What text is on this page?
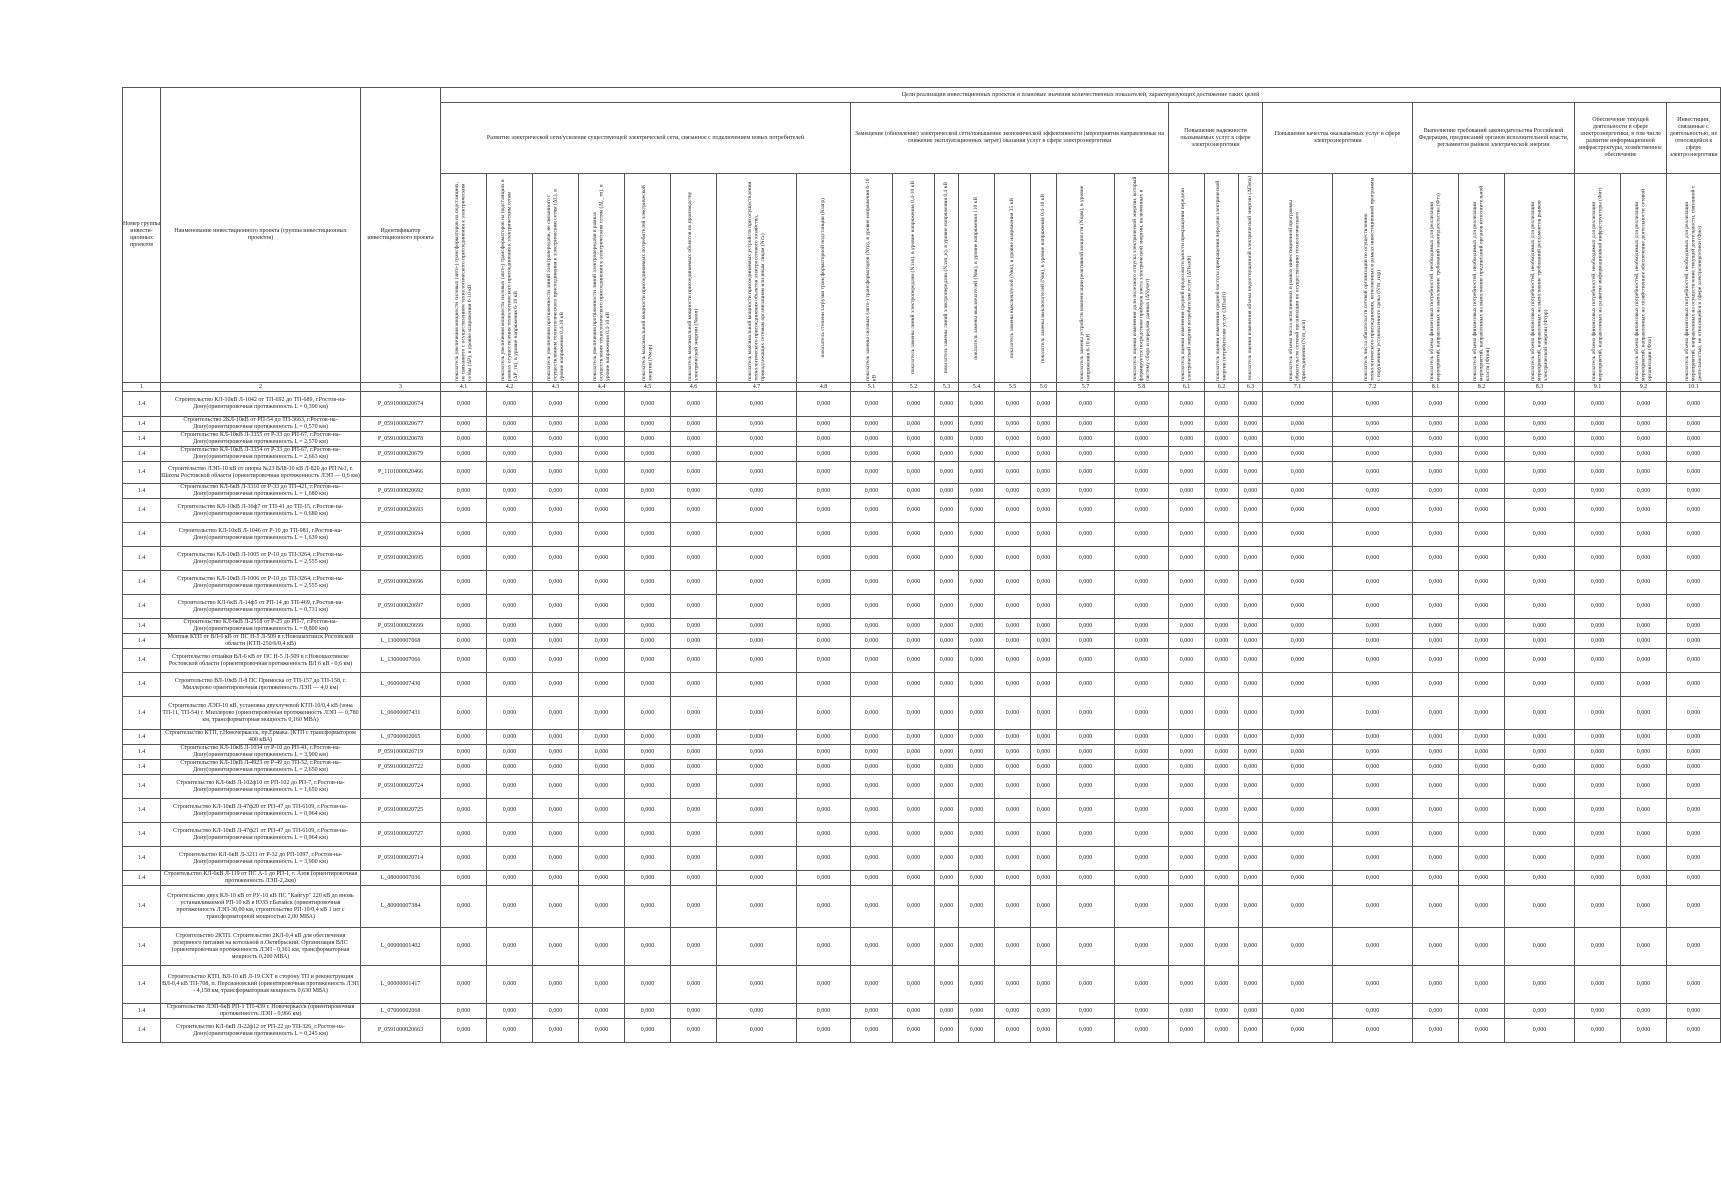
Номер группы инвести-ционных проектов	Наименование инвестиционного проекта (группы инвестиционных проектов)	Идентификатор инвестиционного проекта	Цели реализации инвестиционных проектов и плановые значения количественных показателей, характеризующих достижение таких целей																										
			Развитие электрической сети/усиление существующей электрической сети, связанное с подключением новых потребителей								Замещение (обновление) электрической сети/повышение экономической эффективности (мероприятия направленные на снижение эксплуатационных затрат) оказания услуг в сфере электроэнергетики								Повышение надежности оказываемых услуг в сфере электроэнергетики			Повышение качества оказываемых услуг в сфере электроэнергетики		Выполнение требований законодательства Российской Федерации, предписаний органов исполнительной власти, регламентов рынков электрической энергии			Обеспечение текущей деятельности в сфере электроэнергетики, в том числе развитие информационной инфраструктуры, хозяйственное обеспечение		Инвестиции, связанные с деятельностью, не относящейся к сфере электроэнергетики

			показатель увеличения мощности силовых (авто-) трансформаторов на подстанциях, не связанного с осуществлением технологического присоединения к электрическим сетям (ΔP), в уровне напряжения 6-10 кВ	показатель увеличения мощности силовых (авто-) трансформаторов на подстанциях в рамках осуществления технологического присоединения к электрическим сетям (ΔP_тп), в уровне напряжения 6-10 кВ	показатель увеличения протяженности линий электропередачи, не связанного с осуществлением технологического присоединения к электрическим сетям (ΔL), в уровне напряжения 0,4-10 кВ	показатель увеличения протяженности линий электропередачи в рамках осуществления технологического присоединения к электрическим сетям (ΔL_тп), в уровне напряжения 0,4-10 кВ	показатель максимальной мощности присоединяемых потребителей электрической энергии (Nмэр)	показатель максимальной мощности присоединяемых объектов по производству электрической энергии (Nмоп)	показатель максимальной мощности присоединяемых устройств при осуществлении технологического присоединения объектов электросетевого хозяйства, принадлежащих сетевым организациям или иным лицам (Nсх)	показатель степени загрузки трансформаторной подстанции (Кзагр)	показатель замены силовых (авто-) трансформаторов (Nтр), в уровне напряжения 6-10 кВ	показатель замены линий электропередачи (Nлэп), в уровне напряжения 0,4-10 кВ	показатель замены линий электропередачи (Nлэп_к), в уровне напряжения 0,4 кВ	показатель замены выключателей (Nвк), в уровне напряжения 110 кВ	показатель замены выключателей (Nвк), в уровне напряжения 35 кВ	показатель замены выключателей (Nвк), в уровне напряжения 0,4-10 кВ	показатель замены устройств компенсации реактивной мощности (Nкрм), в уровне напряжения 6-10 кВ	показатель оценки изменения доли полезного отпуска электрической энергии, который формируется посредством приборов учета электрической энергии, включенных в систему сбора и передачи данных (ΔNучет)	показатель оценки изменения средней продолжительности прекращения передачи электрической энергии потребителям услуг (ΔПsaidi)	показатель оценки изменения средней частоты прекращения передачи электрической энергии потребителям услуг (ΔПsaifi)	показатель оценки изменения объема недоотпущенной электрической энергии (ΔПens)	показатель объема числа исполненных в рамках инвестиционной программы обязательств сетевой организации по осуществлению технологического присоединения (Nтп_исп)	показатель числа обязательств сетевой организации по осуществлению технологического присоединения, исполненных в рамках инвестиционной программы с нарушением установленного срока (Nтп_нар)	показатель объема финансовых потребностей, необходимых для реализации мероприятий, направленных на выполнение требований законодательства (Фтз)	показатель объема финансовых потребностей, необходимых для реализации мероприятий, направленных на выполнение предписаний органов исполнительной власти (Фпов)	показатель объема финансовых потребностей, необходимых для реализации мероприятий, направленных на выполнение требований регламентов рынков электрической энергии (Фтрр)	показатель объема финансовых потребностей, необходимых для реализации мероприятий, направленных на развитие информационной инфраструктуры (Фит)	показатель объема финансовых потребностей, необходимых для реализации мероприятий, направленных на хозяйственное обеспечение деятельности сетевой организации (Фхо)	показатель объема финансовых потребностей, необходимых для реализации мероприятий, направленных на осуществление текущей деятельности, связанной с деятельностью, не относящейся к сфере электроэнергетики (Фно)

1	2	3	4.1	4.2	4.3	4.4	4.5	4.6	4.7	4.8	5.1	5.2	5.3	5.4	5.5	5.6	5.7	5.8	6.1	6.2	6.3	7.1	7.2	8.1	8.2	8.3	9.1	9.2	10.1
1.4	Строительство КЛ-10кВ Л-1042 от ТП-692 до ТП-689, г.Ростов-на-Дону(ориентировочная протяженность L = 0,390 км)	P_0591000020674	0,000	0,000	0,000	0,000	0,000	0,000	0,000	0,000	0,000	0,000	0,000	0,000	0,000	0,000	0,000	0,000	0,000	0,000	0,000	0,000	0,000	0,000	0,000	0,000	0,000	0,000	0,000
1.4	Строительство 2КЛ-10кВ от РП-54 до ТП-3663, г.Ростов-на-Дону(ориентировочная протяженность L = 0,570 км)	P_0591000020677	0,000	0,000	0,000	0,000	0,000	0,000	0,000	0,000	0,000	0,000	0,000	0,000	0,000	0,000	0,000	0,000	0,000	0,000	0,000	0,000	0,000	0,000	0,000	0,000	0,000	0,000	0,000
1.4	Строительство КЛ-10кВ Л-3355 от Р-33 до РП-67, г.Ростов-на-Дону(ориентировочная протяженность L = 2,570 км)	P_0591000020678	0,000	0,000	0,000	0,000	0,000	0,000	0,000	0,000	0,000	0,000	0,000	0,000	0,000	0,000	0,000	0,000	0,000	0,000	0,000	0,000	0,000	0,000	0,000	0,000	0,000	0,000	0,000
1.4	Строительство КЛ-10кВ Л-3354 от Р-33 до РП-67, г.Ростов-на-Дону(ориентировочная протяженность L = 2,663 км)	P_0591000020679	0,000	0,000	0,000	0,000	0,000	0,000	0,000	0,000	0,000	0,000	0,000	0,000	0,000	0,000	0,000	0,000	0,000	0,000	0,000	0,000	0,000	0,000	0,000	0,000	0,000	0,000	0,000
1.4	Строительство ЛЭП-10 кВ от опоры №23 ВЛ8-10 кВ Л-820 до РП №1, г. Шахты Ростовской области (ориентировочная протяженность ЛЭП — 0,6 км)	P_1101000020466	0,000	0,000	0,000	0,000	0,000	0,000	0,000	0,000	0,000	0,000	0,000	0,000	0,000	0,000	0,000	0,000	0,000	0,000	0,000	0,000	0,000	0,000	0,000	0,000	0,000	0,000	0,000
1.4	Строительство КЛ-6кВ Л-3310 от Р-33 до ТП-421, г.Ростов-на-Дону(ориентировочная протяженность L = 1,680 км)	P_0591000020692	0,000	0,000	0,000	0,000	0,000	0,000	0,000	0,000	0,000	0,000	0,000	0,000	0,000	0,000	0,000	0,000	0,000	0,000	0,000	0,000	0,000	0,000	0,000	0,000	0,000	0,000	0,000
1.4	Строительство КЛ-10кВ Л-36ф7 от ТП-41 до ТП-15, г.Ростов-на-Дону(ориентировочная протяженность L = 0,680 км)	P_0591000020693	0,000	0,000	0,000	0,000	0,000	0,000	0,000	0,000	0,000	0,000	0,000	0,000	0,000	0,000	0,000	0,000	0,000	0,000	0,000	0,000	0,000	0,000	0,000	0,000	0,000	0,000	0,000
1.4	Строительство КЛ-10кВ Л-1046 от Р-10 до ТП-981, г.Ростов-на-Дону(ориентировочная протяженность L = 1,639 км)	P_0591000020694	0,000	0,000	0,000	0,000	0,000	0,000	0,000	0,000	0,000	0,000	0,000	0,000	0,000	0,000	0,000	0,000	0,000	0,000	0,000	0,000	0,000	0,000	0,000	0,000	0,000	0,000	0,000
1.4	Строительство КЛ-10кВ Л-1005 от Р-10 до ТП-3264, г.Ростов-на-Дону(ориентировочная протяженность L = 2,555 км)	P_0591000020695	0,000	0,000	0,000	0,000	0,000	0,000	0,000	0,000	0,000	0,000	0,000	0,000	0,000	0,000	0,000	0,000	0,000	0,000	0,000	0,000	0,000	0,000	0,000	0,000	0,000	0,000	0,000
1.4	Строительство КЛ-10кВ Л-1006 от Р-10 до ТП-3264, г.Ростов-на-Дону(ориентировочная протяженность L = 2,555 км)	P_0591000020696	0,000	0,000	0,000	0,000	0,000	0,000	0,000	0,000	0,000	0,000	0,000	0,000	0,000	0,000	0,000	0,000	0,000	0,000	0,000	0,000	0,000	0,000	0,000	0,000	0,000	0,000	0,000
1.4	Строительство КЛ-6кВ Л-14ф5 от РП-14 до ТП-469, г.Ростов-на-Дону(ориентировочная протяженность L = 0,731 км)	P_0591000020697	0,000	0,000	0,000	0,000	0,000	0,000	0,000	0,000	0,000	0,000	0,000	0,000	0,000	0,000	0,000	0,000	0,000	0,000	0,000	0,000	0,000	0,000	0,000	0,000	0,000	0,000	0,000
1.4	Строительство КЛ-6кВ Л-2518 от Р-25 до РП-7, г.Ростов-на-Дону(ориентировочная протяженность L = 0,800 км)	P_0591000020699	0,000	0,000	0,000	0,000	0,000	0,000	0,000	0,000	0,000	0,000	0,000	0,000	0,000	0,000	0,000	0,000	0,000	0,000	0,000	0,000	0,000	0,000	0,000	0,000	0,000	0,000	0,000
1.4	Монтаж КТП от ВЛ-6 кВ от ПС Н-5 Л-509 в г.Новошахтинск Ростовской области (КТП-250/6/0,4 кВ)	L_13000007068	0,000	0,000	0,000	0,000	0,000	0,000	0,000	0,000	0,000	0,000	0,000	0,000	0,000	0,000	0,000	0,000	0,000	0,000	0,000	0,000	0,000	0,000	0,000	0,000	0,000	0,000	0,000
1.4	Строительство отпайки ВЛ-6 кВ от ПС Н-5 Л-509 в г.Новошахтинске Ростовской области (ориентировочная протяженность ВЛ 6 кВ - 0,6 км)	L_13000007066	0,000	0,000	0,000	0,000	0,000	0,000	0,000	0,000	0,000	0,000	0,000	0,000	0,000	0,000	0,000	0,000	0,000	0,000	0,000	0,000	0,000	0,000	0,000	0,000	0,000	0,000	0,000
1.4	Строительство ВЛ-10кВ Л-8 ПС Примоска от ТП-157 до ТП-158, г. Миллерово ориентировочная протяженность ЛЭП — 4,0 км)	L_06000007430	0,000	0,000	0,000	0,000	0,000	0,000	0,000	0,000	0,000	0,000	0,000	0,000	0,000	0,000	0,000	0,000	0,000	0,000	0,000	0,000	0,000	0,000	0,000	0,000	0,000	0,000	0,000
1.4	Строительство ЛЭП-10 кВ, установка двухлучевой КТП-10/0,4 кВ (зона ТП-11, ТП-54) г. Миллерово (ориентировочная протяженность ЛЭП — 0,780 км, трансформаторная мощность 0,160 МВА)	L_06000007431	0,000	0,000	0,000	0,000	0,000	0,000	0,000	0,000	0,000	0,000	0,000	0,000	0,000	0,000	0,000	0,000	0,000	0,000	0,000	0,000	0,000	0,000	0,000	0,000	0,000	0,000	0,000
1.4	Строительство КТП, г.Новочеркасск, пр.Ермака. (КТП с трансформатором 400 кВА)	L_07000002065	0,000	0,000	0,000	0,000	0,000	0,000	0,000	0,000	0,000	0,000	0,000	0,000	0,000	0,000	0,000	0,000	0,000	0,000	0,000	0,000	0,000	0,000	0,000	0,000	0,000	0,000	0,000
1.4	Строительство КЛ-10кВ Л-1034 от Р-10 до РП-41, г.Ростов-на-Дону(ориентировочная протяженность L = 3,900 км)	P_0591000020719	0,000	0,000	0,000	0,000	0,000	0,000	0,000	0,000	0,000	0,000	0,000	0,000	0,000	0,000	0,000	0,000	0,000	0,000	0,000	0,000	0,000	0,000	0,000	0,000	0,000	0,000	0,000
1.4	Строительство КЛ-10кВ Л-4923 от Р-49 до ТП-52, г.Ростов-на-Дону(ориентировочная протяженность L = 2,650 км)	P_0591000020722	0,000	0,000	0,000	0,000	0,000	0,000	0,000	0,000	0,000	0,000	0,000	0,000	0,000	0,000	0,000	0,000	0,000	0,000	0,000	0,000	0,000	0,000	0,000	0,000	0,000	0,000	0,000
1.4	Строительство КЛ-6кВ Л-102ф10 от РП-102 до РП-7, г.Ростов-на-Дону(ориентировочная протяженность L = 1,650 км)	P_0591000020724	0,000	0,000	0,000	0,000	0,000	0,000	0,000	0,000	0,000	0,000	0,000	0,000	0,000	0,000	0,000	0,000	0,000	0,000	0,000	0,000	0,000	0,000	0,000	0,000	0,000	0,000	0,000
1.4	Строительство КЛ-10кВ Л-47ф20 от РП-47 до ТП-6109, г.Ростов-на-Дону(ориентировочная протяженность L = 0,964 км)	P_0591000020725	0,000	0,000	0,000	0,000	0,000	0,000	0,000	0,000	0,000	0,000	0,000	0,000	0,000	0,000	0,000	0,000	0,000	0,000	0,000	0,000	0,000	0,000	0,000	0,000	0,000	0,000	0,000
1.4	Строительство КЛ-10кВ Л-47ф21 от РП-47 до ТП-6109, г.Ростов-на-Дону(ориентировочная протяженность L = 0,964 км)	P_0591000020727	0,000	0,000	0,000	0,000	0,000	0,000	0,000	0,000	0,000	0,000	0,000	0,000	0,000	0,000	0,000	0,000	0,000	0,000	0,000	0,000	0,000	0,000	0,000	0,000	0,000	0,000	0,000
1.4	Строительство КЛ-6кВ Л-3211 от Р-32 до РП-1097, г.Ростов-на-Дону(ориентировочная протяженность L = 3,900 км)	P_0591000020714	0,000	0,000	0,000	0,000	0,000	0,000	0,000	0,000	0,000	0,000	0,000	0,000	0,000	0,000	0,000	0,000	0,000	0,000	0,000	0,000	0,000	0,000	0,000	0,000	0,000	0,000	0,000
1.4	Строительство КЛ-6кВ Л-119 от ПС А-1 до РП-1, г. Азов (ориентировочная протяженность ЛЭП-2,2км)	L_08000007036	0,000	0,000	0,000	0,000	0,000	0,000	0,000	0,000	0,000	0,000	0,000	0,000	0,000	0,000	0,000	0,000	0,000	0,000	0,000	0,000	0,000	0,000	0,000	0,000	0,000	0,000	0,000
1.4	Строительство двух КЛ-10 кВ от РУ-10 кВ ПС "Кайгур" 220 кВ до вновь устанавливаемой РП-10 кВ в ЮЗЗ г.Батайск (ориентировочная протяженность ЛЭП-30,00 км, строительство РП-10/0,4 кВ 1 шт с трансформаторной мощностью 2,00 МВА)	L_80000007384	0,000	0,000	0,000	0,000	0,000	0,000	0,000	0,000	0,000	0,000	0,000	0,000	0,000	0,000	0,000	0,000	0,000	0,000	0,000	0,000	0,000	0,000	0,000	0,000	0,000	0,000	0,000
1.4	Строительство 2КТП. Строительство 2КЛ-0,4 кВ для обеспечения резервного питания на котельной п.Октябрьский. Организация ВЛС (ориентировочная протяженность ЛЭП - 0,361 км, трансформаторная мощность 0,200 МВА)	L_00000001402	0,000	0,000	0,000	0,000	0,000	0,000	0,000	0,000	0,000	0,000	0,000	0,000	0,000	0,000	0,000	0,000	0,000	0,000	0,000	0,000	0,000	0,000	0,000	0,000	0,000	0,000	0,000
1.4	Строительство КТП, ВЛ-10 кВ Л-19 СХТ в сторону ТП и реконструкция ВЛ-0,4 кВ ТП-708, п. Персиановский (ориентировочная протяженность ЛЭП - 4,158 км, трансформаторная мощность 0,630 МВА)	L_00000001417	0,000	0,000	0,000	0,000	0,000	0,000	0,000	0,000	0,000	0,000	0,000	0,000	0,000	0,000	0,000	0,000	0,000	0,000	0,000	0,000	0,000	0,000	0,000	0,000	0,000	0,000	0,000
1.4	Строительство ЛЭП-6кВ РП-1 ТП-439 г. Новочеркасск (ориентировочная протяженность ЛЭП - 0,966 км)	L_07000002068	0,000	0,000	0,000	0,000	0,000	0,000	0,000	0,000	0,000	0,000	0,000	0,000	0,000	0,000	0,000	0,000	0,000	0,000	0,000	0,000	0,000	0,000	0,000	0,000	0,000	0,000	0,000
1.4	Строительство КЛ-6кВ Л-22ф12 от РП-22 до ТП-326, г.Ростов-на-Дону(ориентировочная протяженность L = 0,245 км)	P_0591000020663	0,000	0,000	0,000	0,000	0,000	0,000	0,000	0,000	0,000	0,000	0,000	0,000	0,000	0,000	0,000	0,000	0,000	0,000	0,000	0,000	0,000	0,000	0,000	0,000	0,000	0,000	0,000
